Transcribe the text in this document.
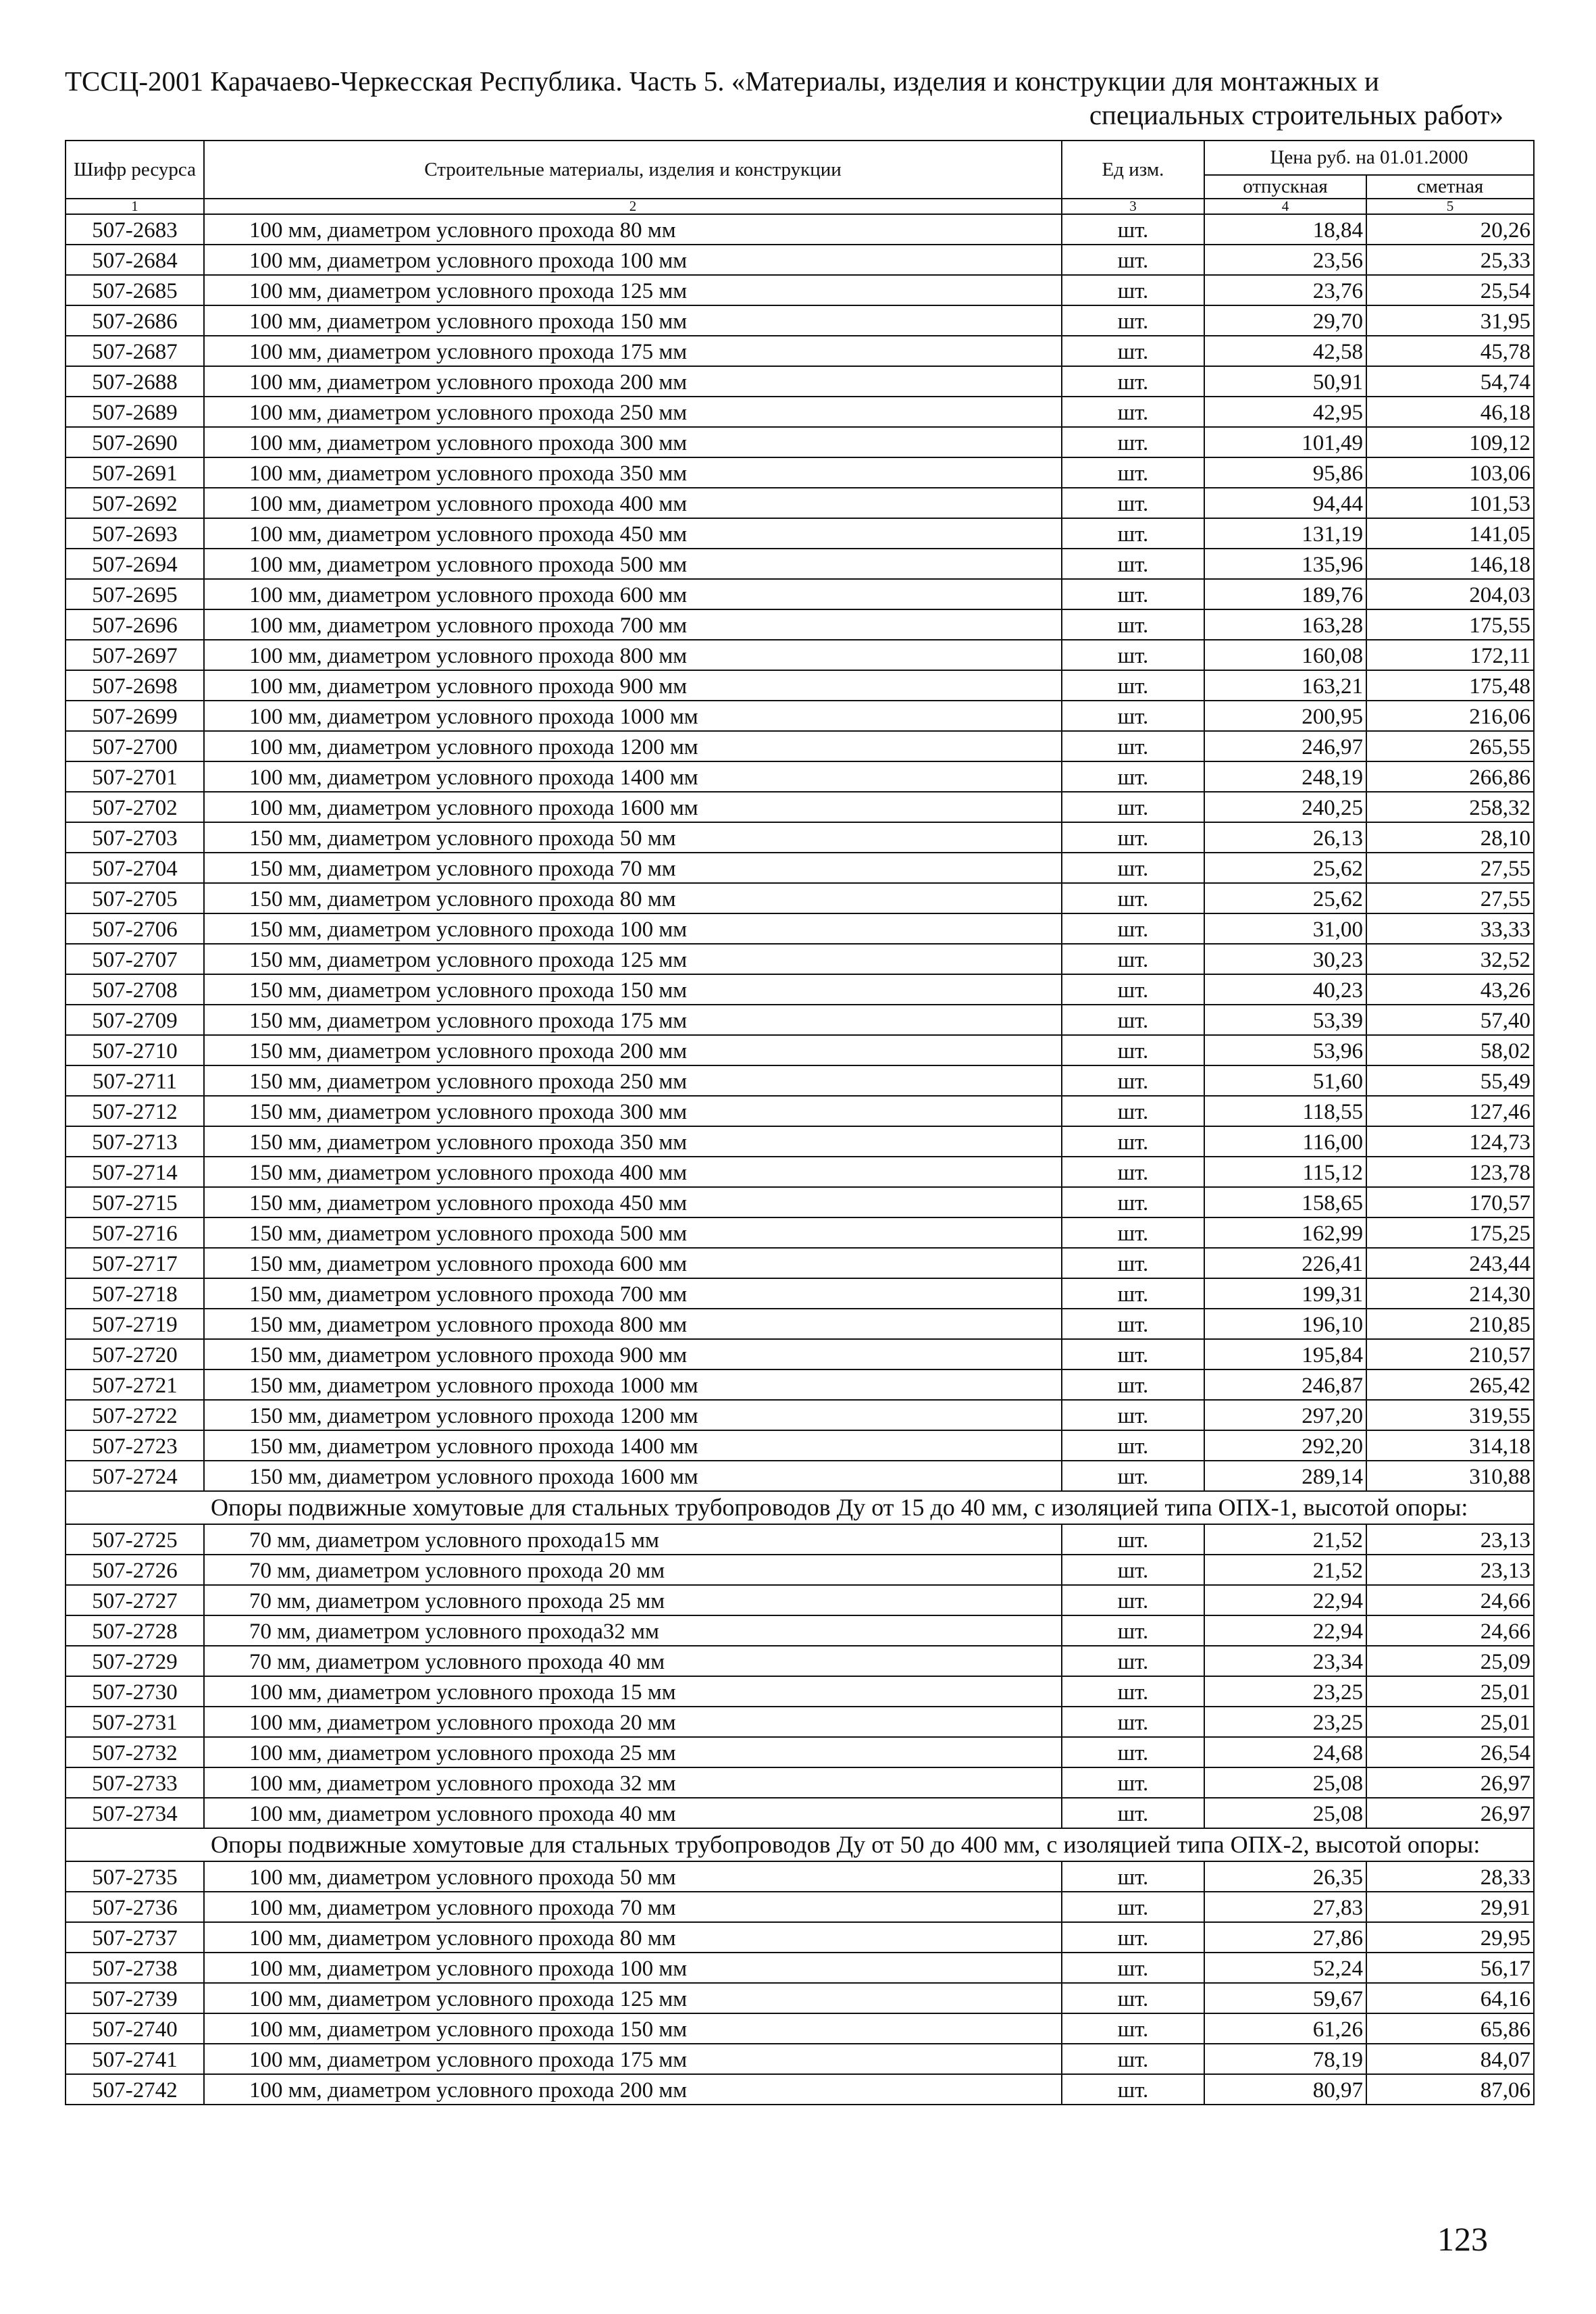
ТССЦ-2001 Карачаево-Черкесская Республика. Часть 5. «Материалы, изделия и конструкции для монтажных и
специальных строительных работ»
Шифр ресурса	Строительные материалы, изделия и конструкции	Ед изм.	Цена руб. на 01.01.2000	
			отпускная	сметная
1	2	3	4	5
507-2683	100 мм, диаметром условного прохода 80 мм	шт.	18,84	20,26
507-2684	100 мм, диаметром условного прохода 100 мм	шт.	23,56	25,33
507-2685	100 мм, диаметром условного прохода 125 мм	шт.	23,76	25,54
507-2686	100 мм, диаметром условного прохода 150 мм	шт.	29,70	31,95
507-2687	100 мм, диаметром условного прохода 175 мм	шт.	42,58	45,78
507-2688	100 мм, диаметром условного прохода 200 мм	шт.	50,91	54,74
507-2689	100 мм, диаметром условного прохода 250 мм	шт.	42,95	46,18
507-2690	100 мм, диаметром условного прохода 300 мм	шт.	101,49	109,12
507-2691	100 мм, диаметром условного прохода 350 мм	шт.	95,86	103,06
507-2692	100 мм, диаметром условного прохода 400 мм	шт.	94,44	101,53
507-2693	100 мм, диаметром условного прохода 450 мм	шт.	131,19	141,05
507-2694	100 мм, диаметром условного прохода 500 мм	шт.	135,96	146,18
507-2695	100 мм, диаметром условного прохода 600 мм	шт.	189,76	204,03
507-2696	100 мм, диаметром условного прохода 700 мм	шт.	163,28	175,55
507-2697	100 мм, диаметром условного прохода 800 мм	шт.	160,08	172,11
507-2698	100 мм, диаметром условного прохода 900 мм	шт.	163,21	175,48
507-2699	100 мм, диаметром условного прохода 1000 мм	шт.	200,95	216,06
507-2700	100 мм, диаметром условного прохода 1200 мм	шт.	246,97	265,55
507-2701	100 мм, диаметром условного прохода 1400 мм	шт.	248,19	266,86
507-2702	100 мм, диаметром условного прохода 1600 мм	шт.	240,25	258,32
507-2703	150 мм, диаметром условного прохода 50 мм	шт.	26,13	28,10
507-2704	150 мм, диаметром условного прохода 70 мм	шт.	25,62	27,55
507-2705	150 мм, диаметром условного прохода 80 мм	шт.	25,62	27,55
507-2706	150 мм, диаметром условного прохода 100 мм	шт.	31,00	33,33
507-2707	150 мм, диаметром условного прохода 125 мм	шт.	30,23	32,52
507-2708	150 мм, диаметром условного прохода 150 мм	шт.	40,23	43,26
507-2709	150 мм, диаметром условного прохода 175 мм	шт.	53,39	57,40
507-2710	150 мм, диаметром условного прохода 200 мм	шт.	53,96	58,02
507-2711	150 мм, диаметром условного прохода 250 мм	шт.	51,60	55,49
507-2712	150 мм, диаметром условного прохода 300 мм	шт.	118,55	127,46
507-2713	150 мм, диаметром условного прохода 350 мм	шт.	116,00	124,73
507-2714	150 мм, диаметром условного прохода 400 мм	шт.	115,12	123,78
507-2715	150 мм, диаметром условного прохода 450 мм	шт.	158,65	170,57
507-2716	150 мм, диаметром условного прохода 500 мм	шт.	162,99	175,25
507-2717	150 мм, диаметром условного прохода 600 мм	шт.	226,41	243,44
507-2718	150 мм, диаметром условного прохода 700 мм	шт.	199,31	214,30
507-2719	150 мм, диаметром условного прохода 800 мм	шт.	196,10	210,85
507-2720	150 мм, диаметром условного прохода 900 мм	шт.	195,84	210,57
507-2721	150 мм, диаметром условного прохода 1000 мм	шт.	246,87	265,42
507-2722	150 мм, диаметром условного прохода 1200 мм	шт.	297,20	319,55
507-2723	150 мм, диаметром условного прохода 1400 мм	шт.	292,20	314,18
507-2724	150 мм, диаметром условного прохода 1600 мм	шт.	289,14	310,88
Опоры подвижные хомутовые для стальных трубопроводов Ду от 15 до 40 мм, с изоляцией типа ОПХ-1, высотой опоры:				
507-2725	70 мм, диаметром условного прохода15 мм	шт.	21,52	23,13
507-2726	70 мм, диаметром условного прохода 20 мм	шт.	21,52	23,13
507-2727	70 мм, диаметром условного прохода 25 мм	шт.	22,94	24,66
507-2728	70 мм, диаметром условного прохода32 мм	шт.	22,94	24,66
507-2729	70 мм, диаметром условного прохода 40 мм	шт.	23,34	25,09
507-2730	100 мм, диаметром условного прохода 15 мм	шт.	23,25	25,01
507-2731	100 мм, диаметром условного прохода 20 мм	шт.	23,25	25,01
507-2732	100 мм, диаметром условного прохода 25 мм	шт.	24,68	26,54
507-2733	100 мм, диаметром условного прохода 32 мм	шт.	25,08	26,97
507-2734	100 мм, диаметром условного прохода 40 мм	шт.	25,08	26,97
Опоры подвижные хомутовые для стальных трубопроводов Ду от 50 до 400 мм, с изоляцией типа ОПХ-2, высотой опоры:				
507-2735	100 мм, диаметром условного прохода 50 мм	шт.	26,35	28,33
507-2736	100 мм, диаметром условного прохода 70 мм	шт.	27,83	29,91
507-2737	100 мм, диаметром условного прохода 80 мм	шт.	27,86	29,95
507-2738	100 мм, диаметром условного прохода 100 мм	шт.	52,24	56,17
507-2739	100 мм, диаметром условного прохода 125 мм	шт.	59,67	64,16
507-2740	100 мм, диаметром условного прохода 150 мм	шт.	61,26	65,86
507-2741	100 мм, диаметром условного прохода 175 мм	шт.	78,19	84,07
507-2742	100 мм, диаметром условного прохода 200 мм	шт.	80,97	87,06
123
